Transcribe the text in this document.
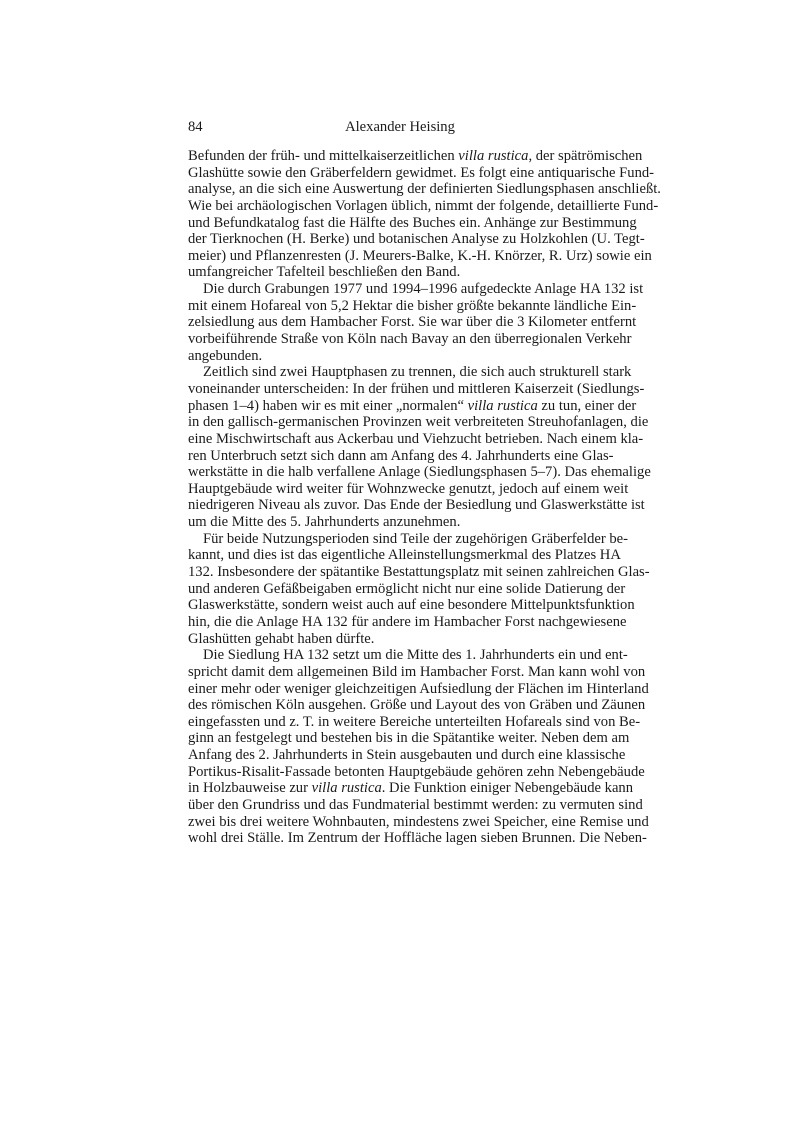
84	Alexander Heising
Befunden der früh- und mittelkaiserzeitlichen villa rustica, der spätrömischen
Glashütte sowie den Gräberfeldern gewidmet. Es folgt eine antiquarische Fund-
analyse, an die sich eine Auswertung der definierten Siedlungsphasen anschließt.
Wie bei archäologischen Vorlagen üblich, nimmt der folgende, detaillierte Fund-
und Befundkatalog fast die Hälfte des Buches ein. Anhänge zur Bestimmung
der Tierknochen (H. Berke) und botanischen Analyse zu Holzkohlen (U. Tegt-
meier) und Pflanzenresten (J. Meurers-Balke, K.-H. Knörzer, R. Urz) sowie ein
umfangreicher Tafelteil beschließen den Band.
Die durch Grabungen 1977 und 1994–1996 aufgedeckte Anlage HA 132 ist
mit einem Hofareal von 5,2 Hektar die bisher größte bekannte ländliche Ein-
zelsiedlung aus dem Hambacher Forst. Sie war über die 3 Kilometer entfernt
vorbeiführende Straße von Köln nach Bavay an den überregionalen Verkehr
angebunden.
Zeitlich sind zwei Hauptphasen zu trennen, die sich auch strukturell stark
voneinander unterscheiden: In der frühen und mittleren Kaiserzeit (Siedlungs-
phasen 1–4) haben wir es mit einer „normalen“ villa rustica zu tun, einer der
in den gallisch-germanischen Provinzen weit verbreiteten Streuhofanlagen, die
eine Mischwirtschaft aus Ackerbau und Viehzucht betrieben. Nach einem kla-
ren Unterbruch setzt sich dann am Anfang des 4. Jahrhunderts eine Glas-
werkstätte in die halb verfallene Anlage (Siedlungsphasen 5–7). Das ehemalige
Hauptgebäude wird weiter für Wohnzwecke genutzt, jedoch auf einem weit
niedrigeren Niveau als zuvor. Das Ende der Besiedlung und Glaswerkstätte ist
um die Mitte des 5. Jahrhunderts anzunehmen.
Für beide Nutzungsperioden sind Teile der zugehörigen Gräberfelder be-
kannt, und dies ist das eigentliche Alleinstellungsmerkmal des Platzes HA
132. Insbesondere der spätantike Bestattungsplatz mit seinen zahlreichen Glas-
und anderen Gefäßbeigaben ermöglicht nicht nur eine solide Datierung der
Glaswerkstätte, sondern weist auch auf eine besondere Mittelpunktsfunktion
hin, die die Anlage HA 132 für andere im Hambacher Forst nachgewiesene
Glashütten gehabt haben dürfte.
Die Siedlung HA 132 setzt um die Mitte des 1. Jahrhunderts ein und ent-
spricht damit dem allgemeinen Bild im Hambacher Forst. Man kann wohl von
einer mehr oder weniger gleichzeitigen Aufsiedlung der Flächen im Hinterland
des römischen Köln ausgehen. Größe und Layout des von Gräben und Zäunen
eingefassten und z. T. in weitere Bereiche unterteilten Hofareals sind von Be-
ginn an festgelegt und bestehen bis in die Spätantike weiter. Neben dem am
Anfang des 2. Jahrhunderts in Stein ausgebauten und durch eine klassische
Portikus-Risalit-Fassade betonten Hauptgebäude gehören zehn Nebengebäude
in Holzbauweise zur villa rustica. Die Funktion einiger Nebengebäude kann
über den Grundriss und das Fundmaterial bestimmt werden: zu vermuten sind
zwei bis drei weitere Wohnbauten, mindestens zwei Speicher, eine Remise und
wohl drei Ställe. Im Zentrum der Hoffläche lagen sieben Brunnen. Die Neben-
